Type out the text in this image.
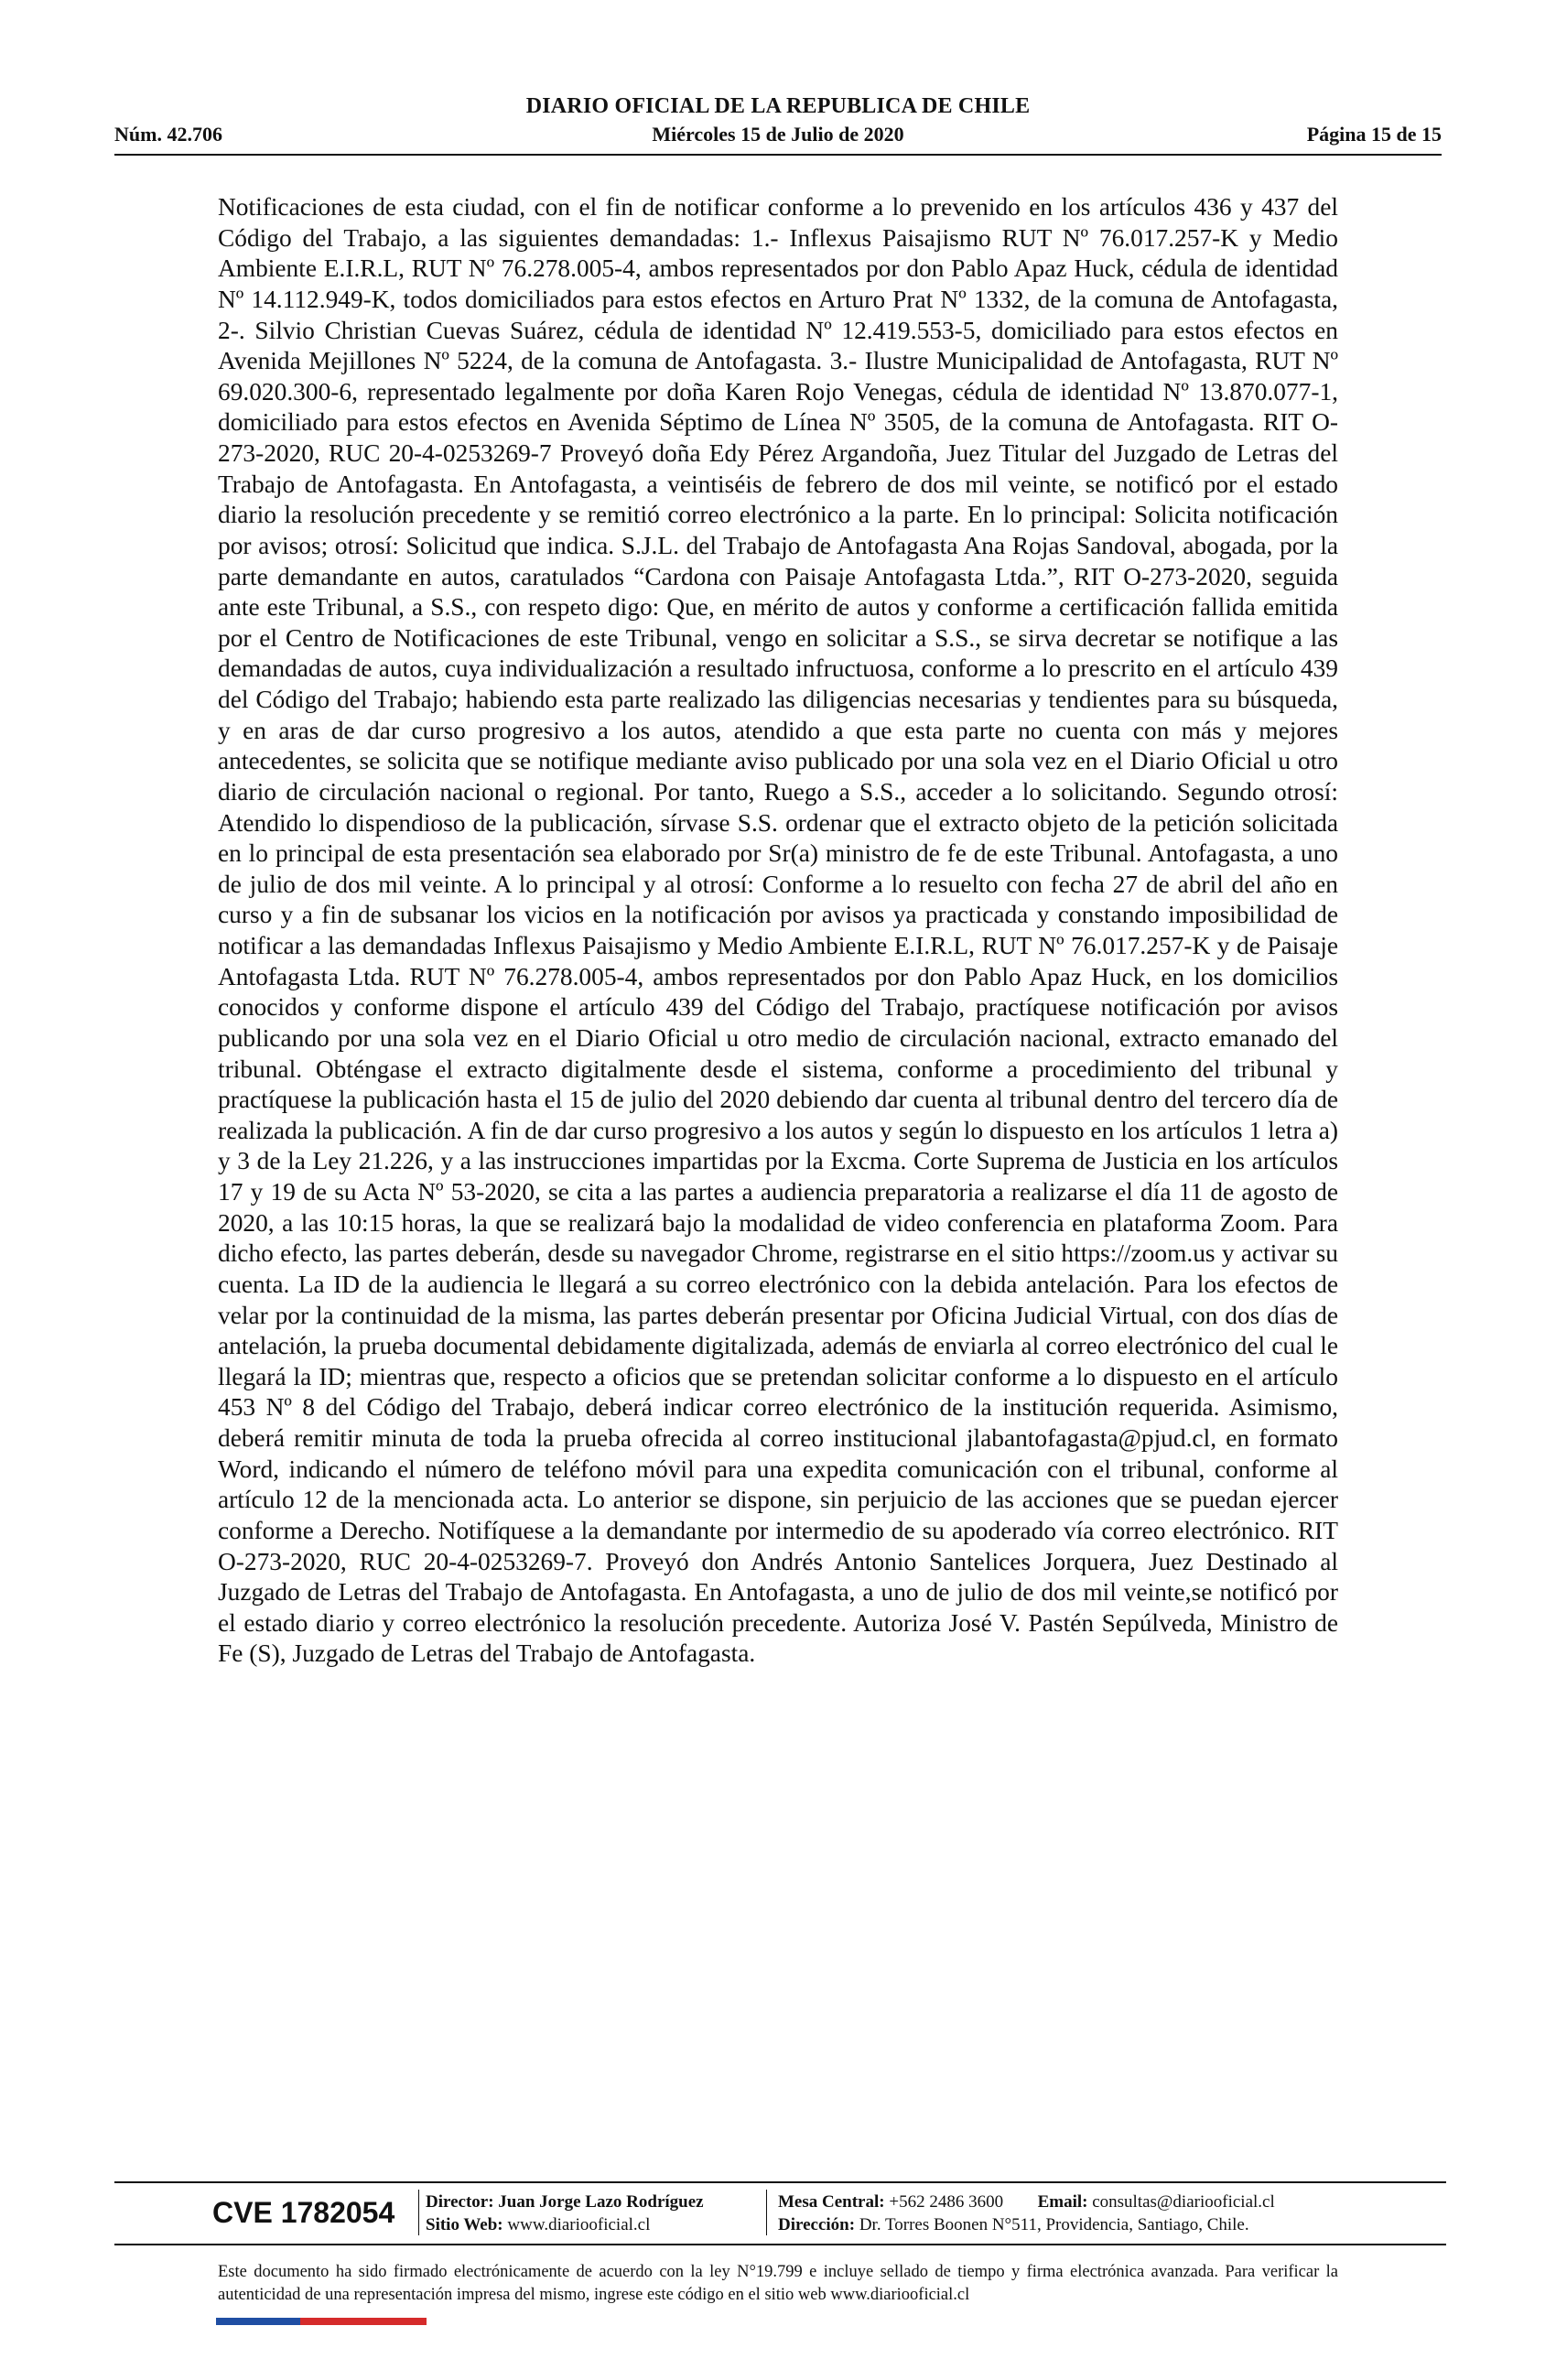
DIARIO OFICIAL DE LA REPUBLICA DE CHILE
Núm. 42.706	Miércoles 15 de Julio de 2020	Página 15 de 15

Notificaciones de esta ciudad, con el fin de notificar conforme a lo prevenido en los artículos 436 y 437 del Código del Trabajo, a las siguientes demandadas: 1.- Inflexus Paisajismo RUT Nº 76.017.257-K y Medio Ambiente E.I.R.L, RUT Nº 76.278.005-4, ambos representados por don Pablo Apaz Huck, cédula de identidad Nº 14.112.949-K, todos domiciliados para estos efectos en Arturo Prat Nº 1332, de la comuna de Antofagasta, 2-. Silvio Christian Cuevas Suárez, cédula de identidad Nº 12.419.553-5, domiciliado para estos efectos en Avenida Mejillones Nº 5224, de la comuna de Antofagasta. 3.- Ilustre Municipalidad de Antofagasta, RUT Nº 69.020.300-6, representado legalmente por doña Karen Rojo Venegas, cédula de identidad Nº 13.870.077-1, domiciliado para estos efectos en Avenida Séptimo de Línea Nº 3505, de la comuna de Antofagasta. RIT O-273-2020, RUC 20-4-0253269-7 Proveyó doña Edy Pérez Argandoña, Juez Titular del Juzgado de Letras del Trabajo de Antofagasta. En Antofagasta, a veintiséis de febrero de dos mil veinte, se notificó por el estado diario la resolución precedente y se remitió correo electrónico a la parte. En lo principal: Solicita notificación por avisos; otrosí: Solicitud que indica. S.J.L. del Trabajo de Antofagasta Ana Rojas Sandoval, abogada, por la parte demandante en autos, caratulados “Cardona con Paisaje Antofagasta Ltda.”, RIT O-273-2020, seguida ante este Tribunal, a S.S., con respeto digo: Que, en mérito de autos y conforme a certificación fallida emitida por el Centro de Notificaciones de este Tribunal, vengo en solicitar a S.S., se sirva decretar se notifique a las demandadas de autos, cuya individualización a resultado infructuosa, conforme a lo prescrito en el artículo 439 del Código del Trabajo; habiendo esta parte realizado las diligencias necesarias y tendientes para su búsqueda, y en aras de dar curso progresivo a los autos, atendido a que esta parte no cuenta con más y mejores antecedentes, se solicita que se notifique mediante aviso publicado por una sola vez en el Diario Oficial u otro diario de circulación nacional o regional. Por tanto, Ruego a S.S., acceder a lo solicitando. Segundo otrosí: Atendido lo dispendioso de la publicación, sírvase S.S. ordenar que el extracto objeto de la petición solicitada en lo principal de esta presentación sea elaborado por Sr(a) ministro de fe de este Tribunal. Antofagasta, a uno de julio de dos mil veinte. A lo principal y al otrosí: Conforme a lo resuelto con fecha 27 de abril del año en curso y a fin de subsanar los vicios en la notificación por avisos ya practicada y constando imposibilidad de notificar a las demandadas Inflexus Paisajismo y Medio Ambiente E.I.R.L, RUT Nº 76.017.257-K y de Paisaje Antofagasta Ltda. RUT Nº 76.278.005-4, ambos representados por don Pablo Apaz Huck, en los domicilios conocidos y conforme dispone el artículo 439 del Código del Trabajo, practíquese notificación por avisos publicando por una sola vez en el Diario Oficial u otro medio de circulación nacional, extracto emanado del tribunal. Obténgase el extracto digitalmente desde el sistema, conforme a procedimiento del tribunal y practíquese la publicación hasta el 15 de julio del 2020 debiendo dar cuenta al tribunal dentro del tercero día de realizada la publicación. A fin de dar curso progresivo a los autos y según lo dispuesto en los artículos 1 letra a) y 3 de la Ley 21.226, y a las instrucciones impartidas por la Excma. Corte Suprema de Justicia en los artículos 17 y 19 de su Acta Nº 53-2020, se cita a las partes a audiencia preparatoria a realizarse el día 11 de agosto de 2020, a las 10:15 horas, la que se realizará bajo la modalidad de video conferencia en plataforma Zoom. Para dicho efecto, las partes deberán, desde su navegador Chrome, registrarse en el sitio https://zoom.us y activar su cuenta. La ID de la audiencia le llegará a su correo electrónico con la debida antelación. Para los efectos de velar por la continuidad de la misma, las partes deberán presentar por Oficina Judicial Virtual, con dos días de antelación, la prueba documental debidamente digitalizada, además de enviarla al correo electrónico del cual le llegará la ID; mientras que, respecto a oficios que se pretendan solicitar conforme a lo dispuesto en el artículo 453 Nº 8 del Código del Trabajo, deberá indicar correo electrónico de la institución requerida. Asimismo, deberá remitir minuta de toda la prueba ofrecida al correo institucional jlabantofagasta@pjud.cl, en formato Word, indicando el número de teléfono móvil para una expedita comunicación con el tribunal, conforme al artículo 12 de la mencionada acta. Lo anterior se dispone, sin perjuicio de las acciones que se puedan ejercer conforme a Derecho. Notifíquese a la demandante por intermedio de su apoderado vía correo electrónico. RIT O-273-2020, RUC 20-4-0253269-7. Proveyó don Andrés Antonio Santelices Jorquera, Juez Destinado al Juzgado de Letras del Trabajo de Antofagasta. En Antofagasta, a uno de julio de dos mil veinte,se notificó por el estado diario y correo electrónico la resolución precedente. Autoriza José V. Pastén Sepúlveda, Ministro de Fe (S), Juzgado de Letras del Trabajo de Antofagasta.

CVE 1782054	Director: Juan Jorge Lazo Rodríguez
Sitio Web: www.diariooficial.cl
Mesa Central: +562 2486 3600 Email: consultas@diariooficial.cl
Dirección: Dr. Torres Boonen N°511, Providencia, Santiago, Chile.
Este documento ha sido firmado electrónicamente de acuerdo con la ley N°19.799 e incluye sellado de tiempo y firma electrónica avanzada. Para verificar la autenticidad de una representación impresa del mismo, ingrese este código en el sitio web www.diariooficial.cl
